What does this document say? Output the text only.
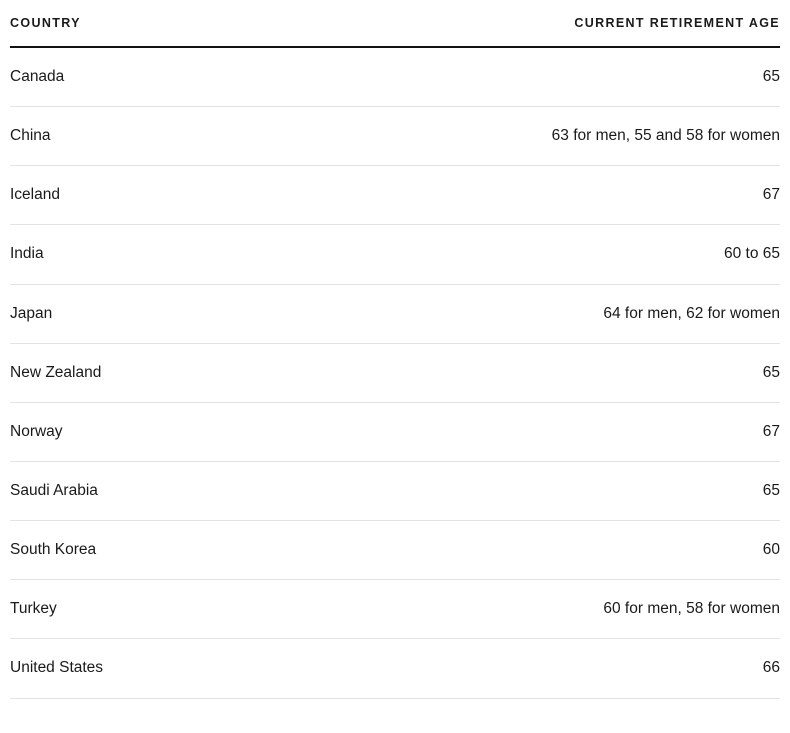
COUNTRY	CURRENT RETIREMENT AGE
Canada	65
China	63 for men, 55 and 58 for women
Iceland	67
India	60 to 65
Japan	64 for men, 62 for women
New Zealand	65
Norway	67
Saudi Arabia	65
South Korea	60
Turkey	60 for men, 58 for women
United States	66
